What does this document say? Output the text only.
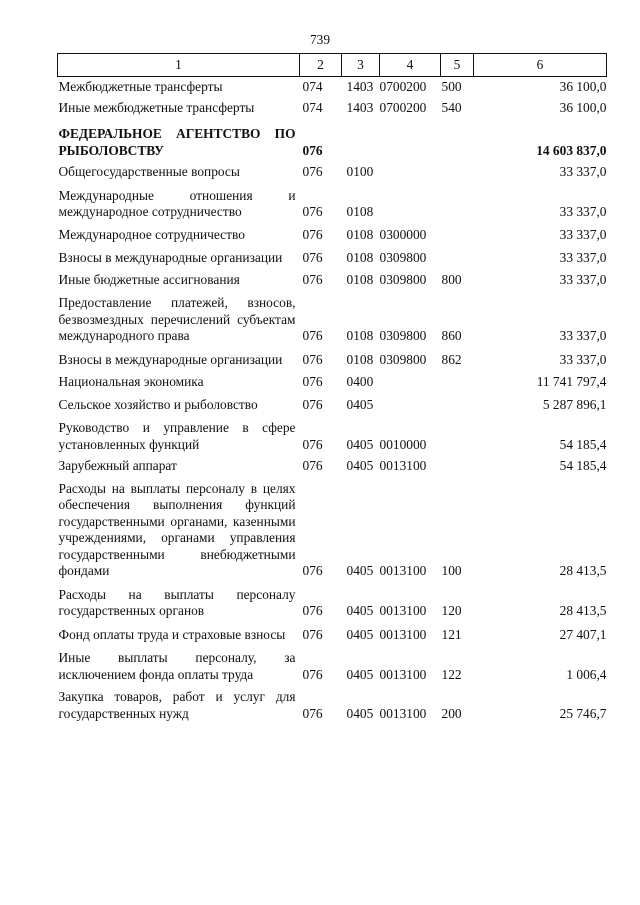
739
1	2	3	4	5	6
Межбюджетные трансферты	074	1403	0700200	500	36 100,0
Иные межбюджетные трансферты	074	1403	0700200	540	36 100,0
ФЕДЕРАЛЬНОЕ АГЕНТСТВО ПО РЫБОЛОВСТВУ	076				14 603 837,0
Общегосударственные вопросы	076	0100			33 337,0
Международные отношения и международное сотрудничество	076	0108			33 337,0
Международное сотрудничество	076	0108	0300000		33 337,0
Взносы в международные организации	076	0108	0309800		33 337,0
Иные бюджетные ассигнования	076	0108	0309800	800	33 337,0
Предоставление платежей, взносов, безвозмездных перечислений субъектам международного права	076	0108	0309800	860	33 337,0
Взносы в международные организации	076	0108	0309800	862	33 337,0
Национальная экономика	076	0400			11 741 797,4
Сельское хозяйство и рыболовство	076	0405			5 287 896,1
Руководство и управление в сфере установленных функций	076	0405	0010000		54 185,4
Зарубежный аппарат	076	0405	0013100		54 185,4
Расходы на выплаты персоналу в целях обеспечения выполнения функций государственными органами, казенными учреждениями, органами управления государственными внебюджетными фондами	076	0405	0013100	100	28 413,5
Расходы на выплаты персоналу государственных органов	076	0405	0013100	120	28 413,5
Фонд оплаты труда и страховые взносы	076	0405	0013100	121	27 407,1
Иные выплаты персоналу, за исключением фонда оплаты труда	076	0405	0013100	122	1 006,4
Закупка товаров, работ и услуг для государственных нужд	076	0405	0013100	200	25 746,7
